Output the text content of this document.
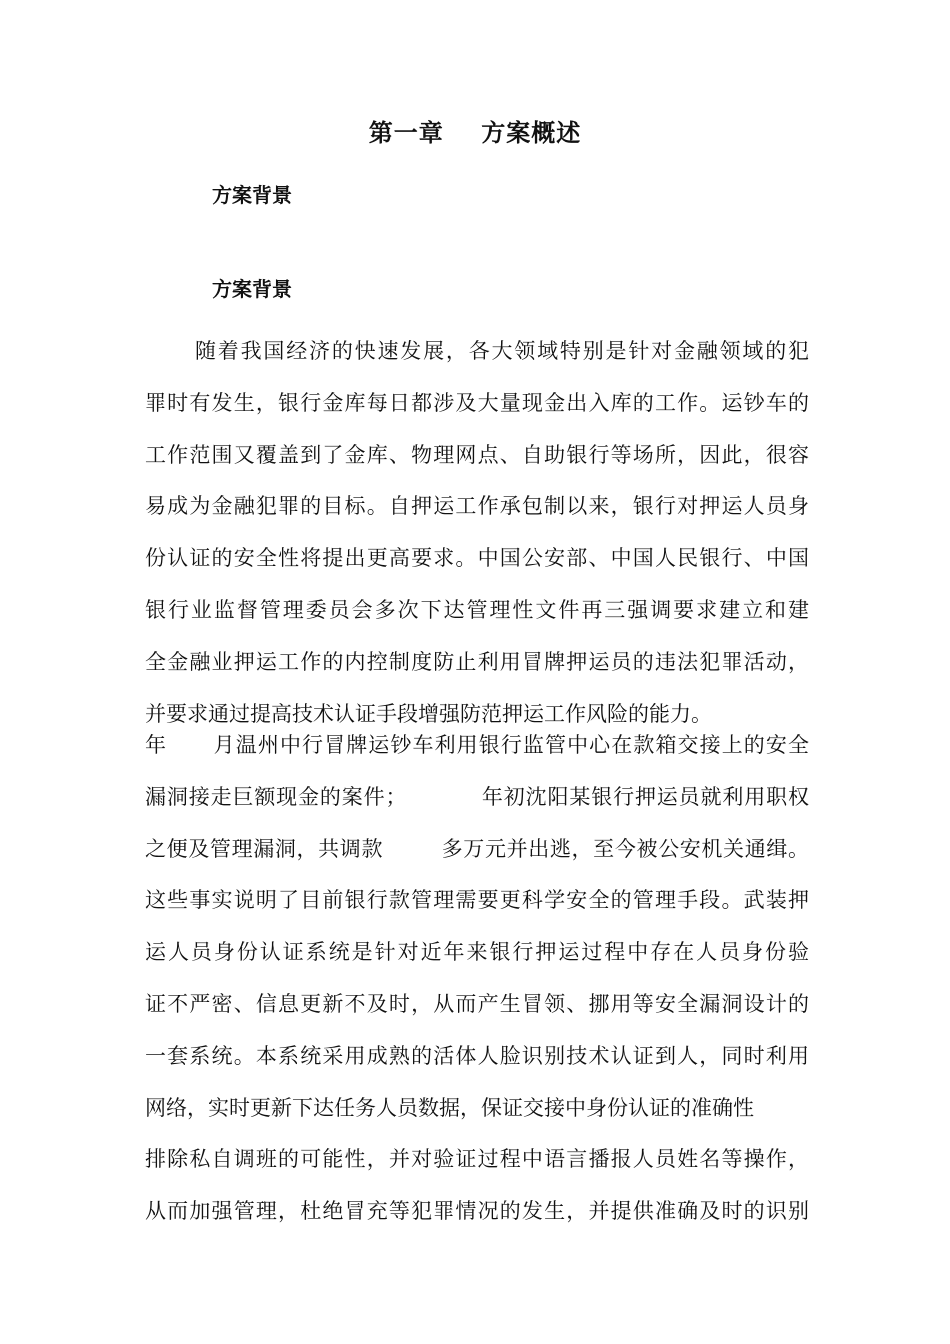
第一章    方案概述
方案背景
方案背景
随着我国经济的快速发展，各大领域特别是针对金融领域的犯
罪时有发生，银行金库每日都涉及大量现金出入库的工作。运钞车的
工作范围又覆盖到了金库、物理网点、自助银行等场所，因此，很容
易成为金融犯罪的目标。自押运工作承包制以来，银行对押运人员身
份认证的安全性将提出更高要求。中国公安部、中国人民银行、中国
银行业监督管理委员会多次下达管理性文件再三强调要求建立和建
全金融业押运工作的内控制度防止利用冒牌押运员的违法犯罪活动，
并要求通过提高技术认证手段增强防范押运工作风险的能力。
年      月温州中行冒牌运钞车利用银行监管中心在款箱交接上的安全
漏洞接走巨额现金的案件；          年初沈阳某银行押运员就利用职权
之便及管理漏洞，共调款        多万元并出逃，至今被公安机关通缉。
这些事实说明了目前银行款管理需要更科学安全的管理手段。武装押
运人员身份认证系统是针对近年来银行押运过程中存在人员身份验
证不严密、信息更新不及时，从而产生冒领、挪用等安全漏洞设计的
一套系统。本系统采用成熟的活体人脸识别技术认证到人，同时利用
网络，实时更新下达任务人员数据，保证交接中身份认证的准确性
排除私自调班的可能性，并对验证过程中语言播报人员姓名等操作，
从而加强管理，杜绝冒充等犯罪情况的发生，并提供准确及时的识别
